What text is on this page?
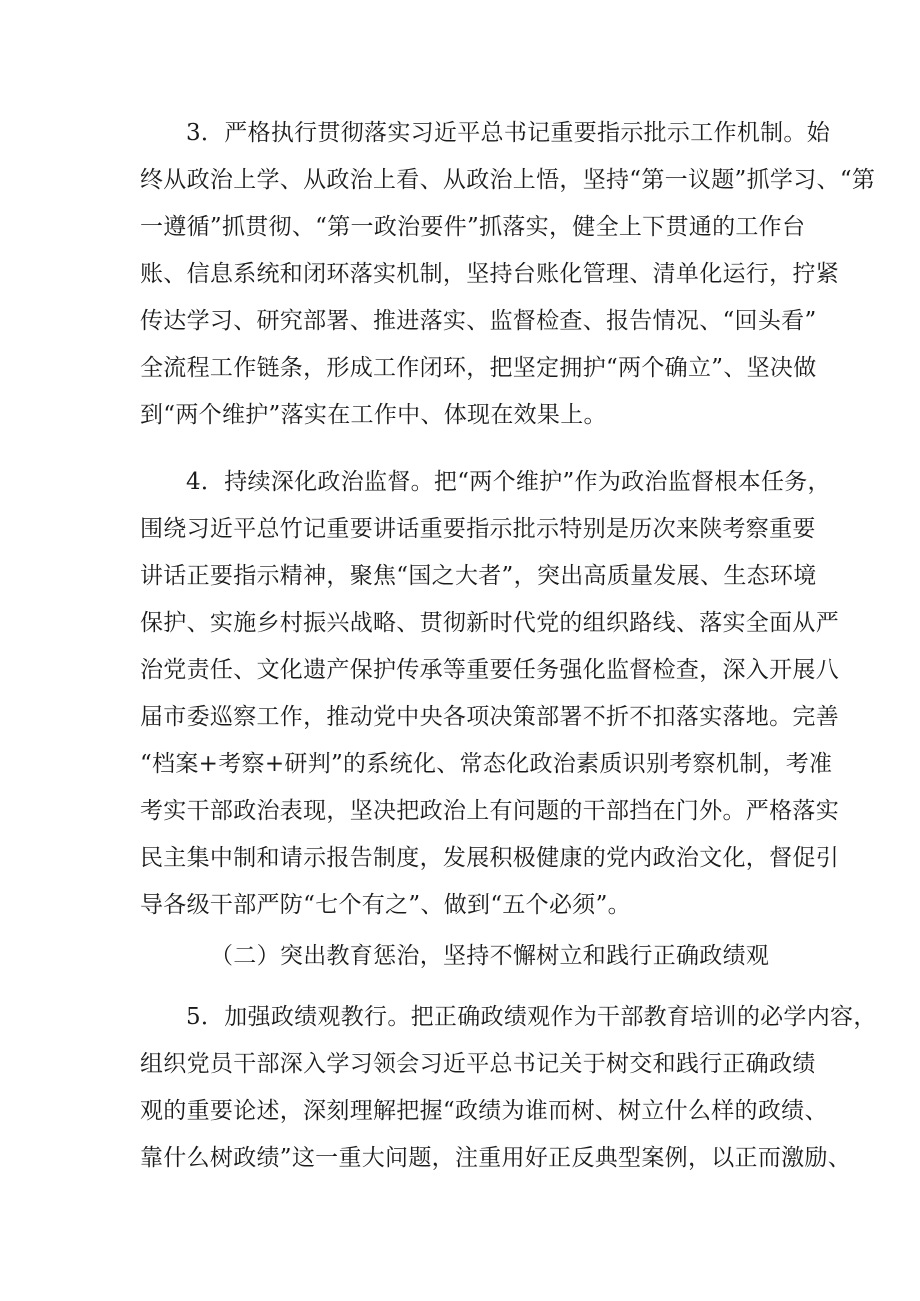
3．严格执行贯彻落实习近平总书记重要指示批示工作机制。始
终从政治上学、从政治上看、从政治上悟，坚持“第一议题”抓学习、“第
一遵循”抓贯彻、“第一政治要件”抓落实，健全上下贯通的工作台
账、信息系统和闭环落实机制，坚持台账化管理、清单化运行，拧紧
传达学习、研究部署、推进落实、监督检查、报告情况、“回头看”
全流程工作链条，形成工作闭环，把坚定拥护“两个确立”、坚决做
到“两个维护”落实在工作中、体现在效果上。
4．持续深化政治监督。把“两个维护”作为政治监督根本任务，
围绕习近平总竹记重要讲话重要指示批示特别是历次来陕考察重要
讲话正要指示精神，聚焦“国之大者”，突出高质量发展、生态环境
保护、实施乡村振兴战略、贯彻新时代党的组织路线、落实全面从严
治党责任、文化遗产保护传承等重要任务强化监督检查，深入开展八
届市委巡察工作，推动党中央各项决策部署不折不扣落实落地。完善
“档案+考察+研判”的系统化、常态化政治素质识别考察机制，考准
考实干部政治表现，坚决把政治上有问题的干部挡在门外。严格落实
民主集中制和请示报告制度，发展积极健康的党内政治文化，督促引
导各级干部严防“七个有之”、做到“五个必须”。
（二）突出教育惩治，坚持不懈树立和践行正确政绩观
5．加强政绩观教行。把正确政绩观作为干部教育培训的必学内容，
组织党员干部深入学习领会习近平总书记关于树交和践行正确政绩
观的重要论述，深刻理解把握“政绩为谁而树、树立什么样的政绩、
靠什么树政绩”这一重大问题，注重用好正反典型案例，以正而激励、
